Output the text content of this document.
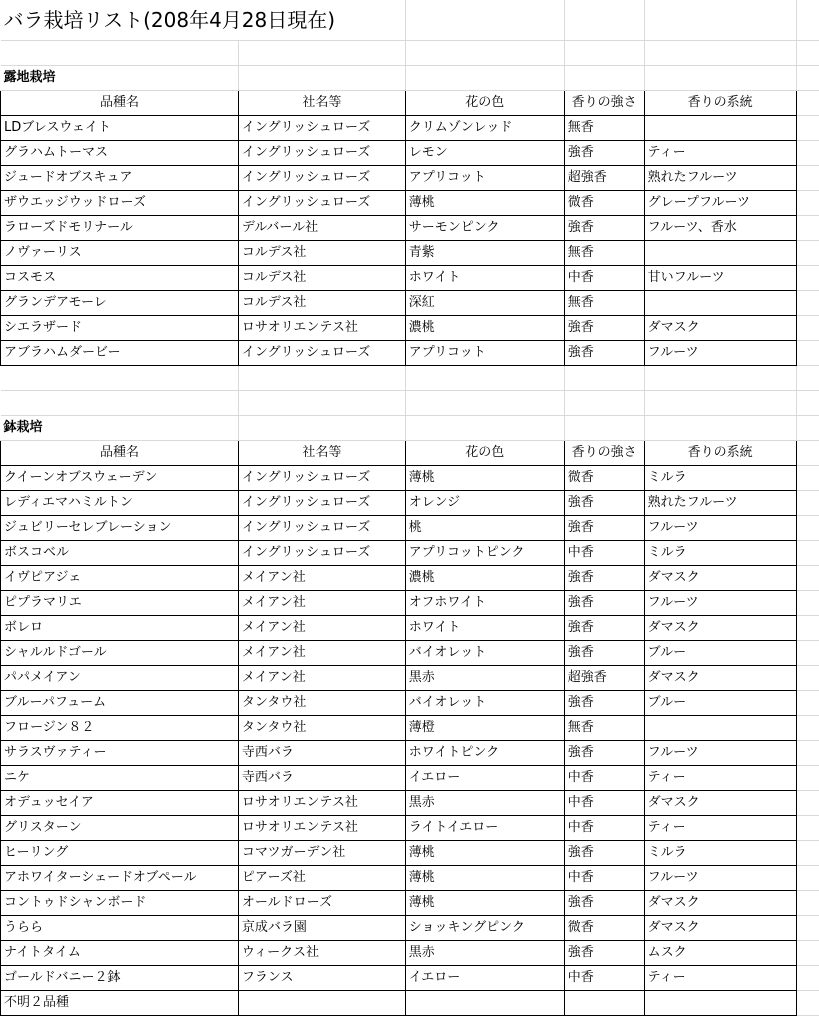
バラ栽培リスト(208年4月28日現在)					

露地栽培					
品種名	社名等	花の色	香りの強さ	香りの系統	
LDブレスウェイト	イングリッシュローズ	クリムゾンレッド	無香		
グラハムトーマス	イングリッシュローズ	レモン	強香	ティー	
ジュードオブスキュア	イングリッシュローズ	アプリコット	超強香	熟れたフルーツ	
ザウエッジウッドローズ	イングリッシュローズ	薄桃	微香	グレープフルーツ	
ラローズドモリナール	デルバール社	サーモンピンク	強香	フルーツ、香水	
ノヴァーリス	コルデス社	青紫	無香		
コスモス	コルデス社	ホワイト	中香	甘いフルーツ	
グランデアモーレ	コルデス社	深紅	無香		
シエラザード	ロサオリエンテス社	濃桃	強香	ダマスク	
アブラハムダービー	イングリッシュローズ	アプリコット	強香	フルーツ	

鉢栽培					
品種名	社名等	花の色	香りの強さ	香りの系統	
クイーンオブスウェーデン	イングリッシュローズ	薄桃	微香	ミルラ	
レディエマハミルトン	イングリッシュローズ	オレンジ	強香	熟れたフルーツ	
ジュビリーセレブレーション	イングリッシュローズ	桃	強香	フルーツ	
ボスコベル	イングリッシュローズ	アプリコットピンク	中香	ミルラ	
イヴピアジェ	メイアン社	濃桃	強香	ダマスク	
ピプラマリエ	メイアン社	オフホワイト	強香	フルーツ	
ボレロ	メイアン社	ホワイト	強香	ダマスク	
シャルルドゴール	メイアン社	バイオレット	強香	ブルー	
パパメイアン	メイアン社	黒赤	超強香	ダマスク	
ブルーパフューム	タンタウ社	バイオレット	強香	ブルー	
フロージン８２	タンタウ社	薄橙	無香		
サラスヴァティー	寺西バラ	ホワイトピンク	強香	フルーツ	
ニケ	寺西バラ	イエロー	中香	ティー	
オデュッセイア	ロサオリエンテス社	黒赤	中香	ダマスク	
グリスターン	ロサオリエンテス社	ライトイエロー	中香	ティー	
ヒーリング	コマツガーデン社	薄桃	強香	ミルラ	
アホワイターシェードオブペール	ピアーズ社	薄桃	中香	フルーツ	
コントゥドシャンボード	オールドローズ	薄桃	強香	ダマスク	
うらら	京成バラ園	ショッキングピンク	微香	ダマスク	
ナイトタイム	ウィークス社	黒赤	強香	ムスク	
ゴールドバニー２鉢	フランス	イエロー	中香	ティー	
不明２品種					
